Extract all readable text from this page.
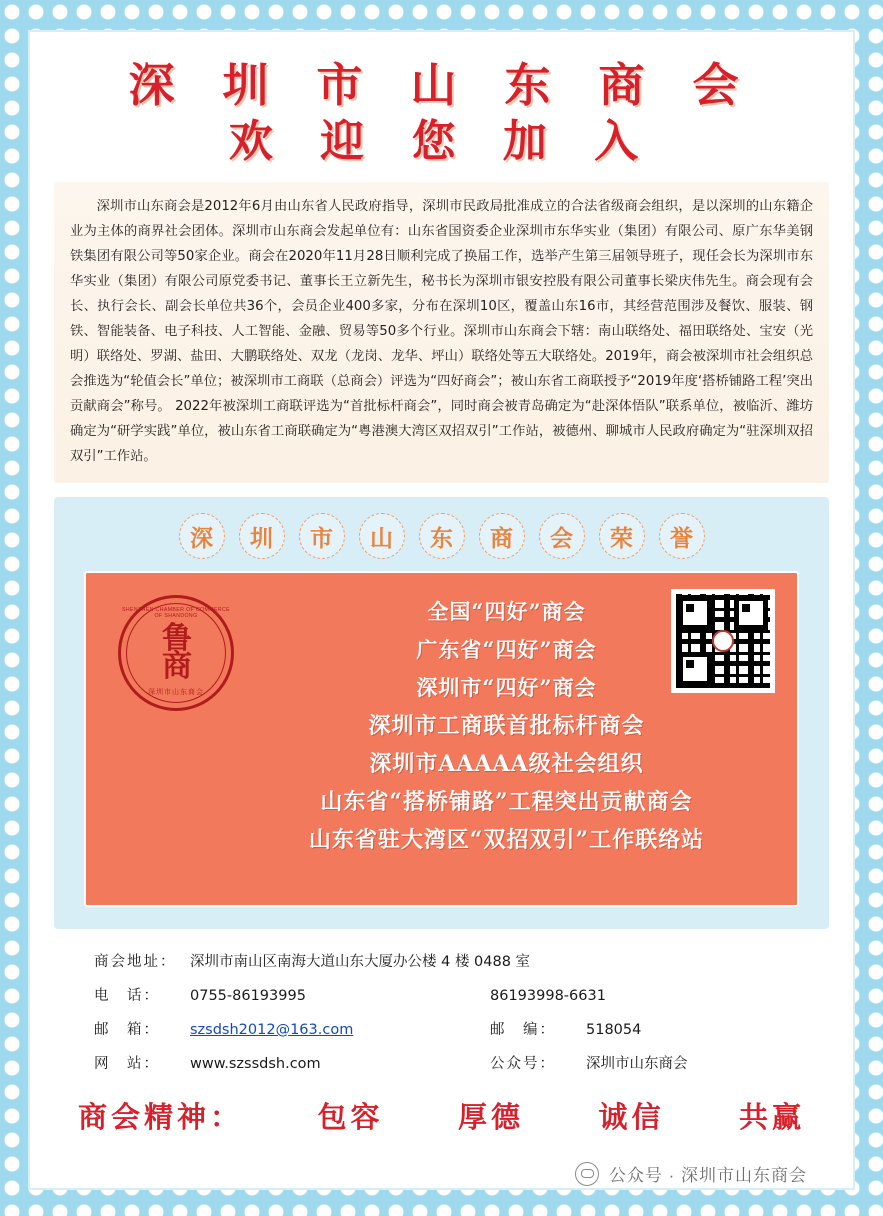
深 圳 市 山 东 商 会
欢 迎 您 加 入
深圳市山东商会是2012年6月由山东省人民政府指导，深圳市民政局批准成立的合法省级商会组织，是以深圳的山东籍企业为主体的商界社会团体。深圳市山东商会发起单位有：山东省国资委企业深圳市东华实业（集团）有限公司、原广东华美钢铁集团有限公司等50家企业。商会在2020年11月28日顺利完成了换届工作，选举产生第三届领导班子，现任会长为深圳市东华实业（集团）有限公司原党委书记、董事长王立新先生，秘书长为深圳市银安控股有限公司董事长梁庆伟先生。商会现有会长、执行会长、副会长单位共36个，会员企业400多家，分布在深圳10区，覆盖山东16市，其经营范围涉及餐饮、服装、钢铁、智能装备、电子科技、人工智能、金融、贸易等50多个行业。深圳市山东商会下辖：南山联络处、福田联络处、宝安（光明）联络处、罗湖、盐田、大鹏联络处、双龙（龙岗、龙华、坪山）联络处等五大联络处。2019年，商会被深圳市社会组织总会推选为“轮值会长”单位；被深圳市工商联（总商会）评选为“四好商会”；被山东省工商联授予“2019年度‘搭桥铺路工程’突出贡献商会”称号。 2022年被深圳工商联评选为“首批标杆商会”，同时商会被青岛确定为“赴深体悟队”联系单位，被临沂、潍坊确定为“研学实践”单位，被山东省工商联确定为“粤港澳大湾区双招双引”工作站，被德州、聊城市人民政府确定为“驻深圳双招双引”工作站。
深	圳	市	山	东	商	会	荣	誉
SHENZHEN CHAMBER OF COMMERCE OF SHANDONG
鲁商
深圳市山东商会
全国“四好”商会
广东省“四好”商会
深圳市“四好”商会
深圳市工商联首批标杆商会
深圳市AAAAA级社会组织
山东省“搭桥铺路”工程突出贡献商会
山东省驻大湾区“双招双引”工作联络站
商会地址： 深圳市南山区南海大道山东大厦办公楼 4 楼 0488 室
电　话：	0755-86193995	86193998-6631
邮　箱：	szsdsh2012@163.com	邮　编：	518054
网　站：	www.szssdsh.com	公众号：	深圳市山东商会
商会精神：	包容	厚德	诚信	共赢
公众号 · 深圳市山东商会
